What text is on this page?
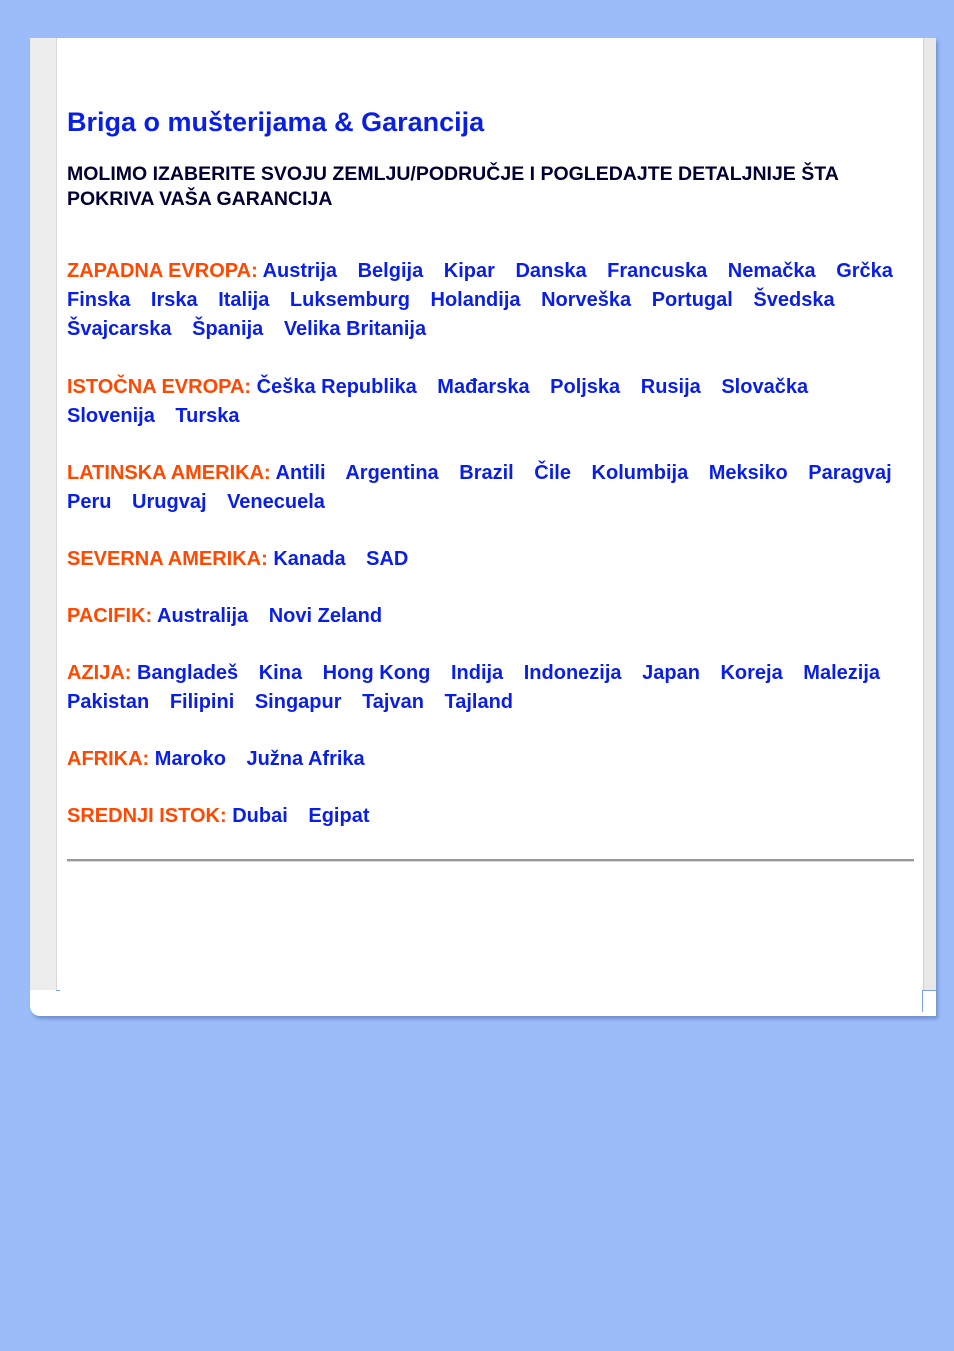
Briga o mušterijama & Garancija

MOLIMO IZABERITE SVOJU ZEMLJU/PODRUČJE I POGLEDAJTE DETALJNIJE ŠTA POKRIVA VAŠA GARANCIJA

ZAPADNA EVROPA: Austrija Belgija Kipar Danska Francuska Nemačka Grčka Finska Irska Italija Luksemburg Holandija Norveška Portugal Švedska Švajcarska Španija Velika Britanija

ISTOČNA EVROPA: Češka Republika Mađarska Poljska Rusija Slovačka Slovenija Turska

LATINSKA AMERIKA: Antili Argentina Brazil Čile Kolumbija Meksiko Paragvaj Peru Urugvaj Venecuela

SEVERNA AMERIKA: Kanada SAD

PACIFIK: Australija Novi Zeland

AZIJA: Bangladeš Kina Hong Kong Indija Indonezija Japan Koreja Malezija Pakistan Filipini Singapur Tajvan Tajland

AFRIKA: Maroko Južna Afrika

SREDNJI ISTOK: Dubai Egipat
